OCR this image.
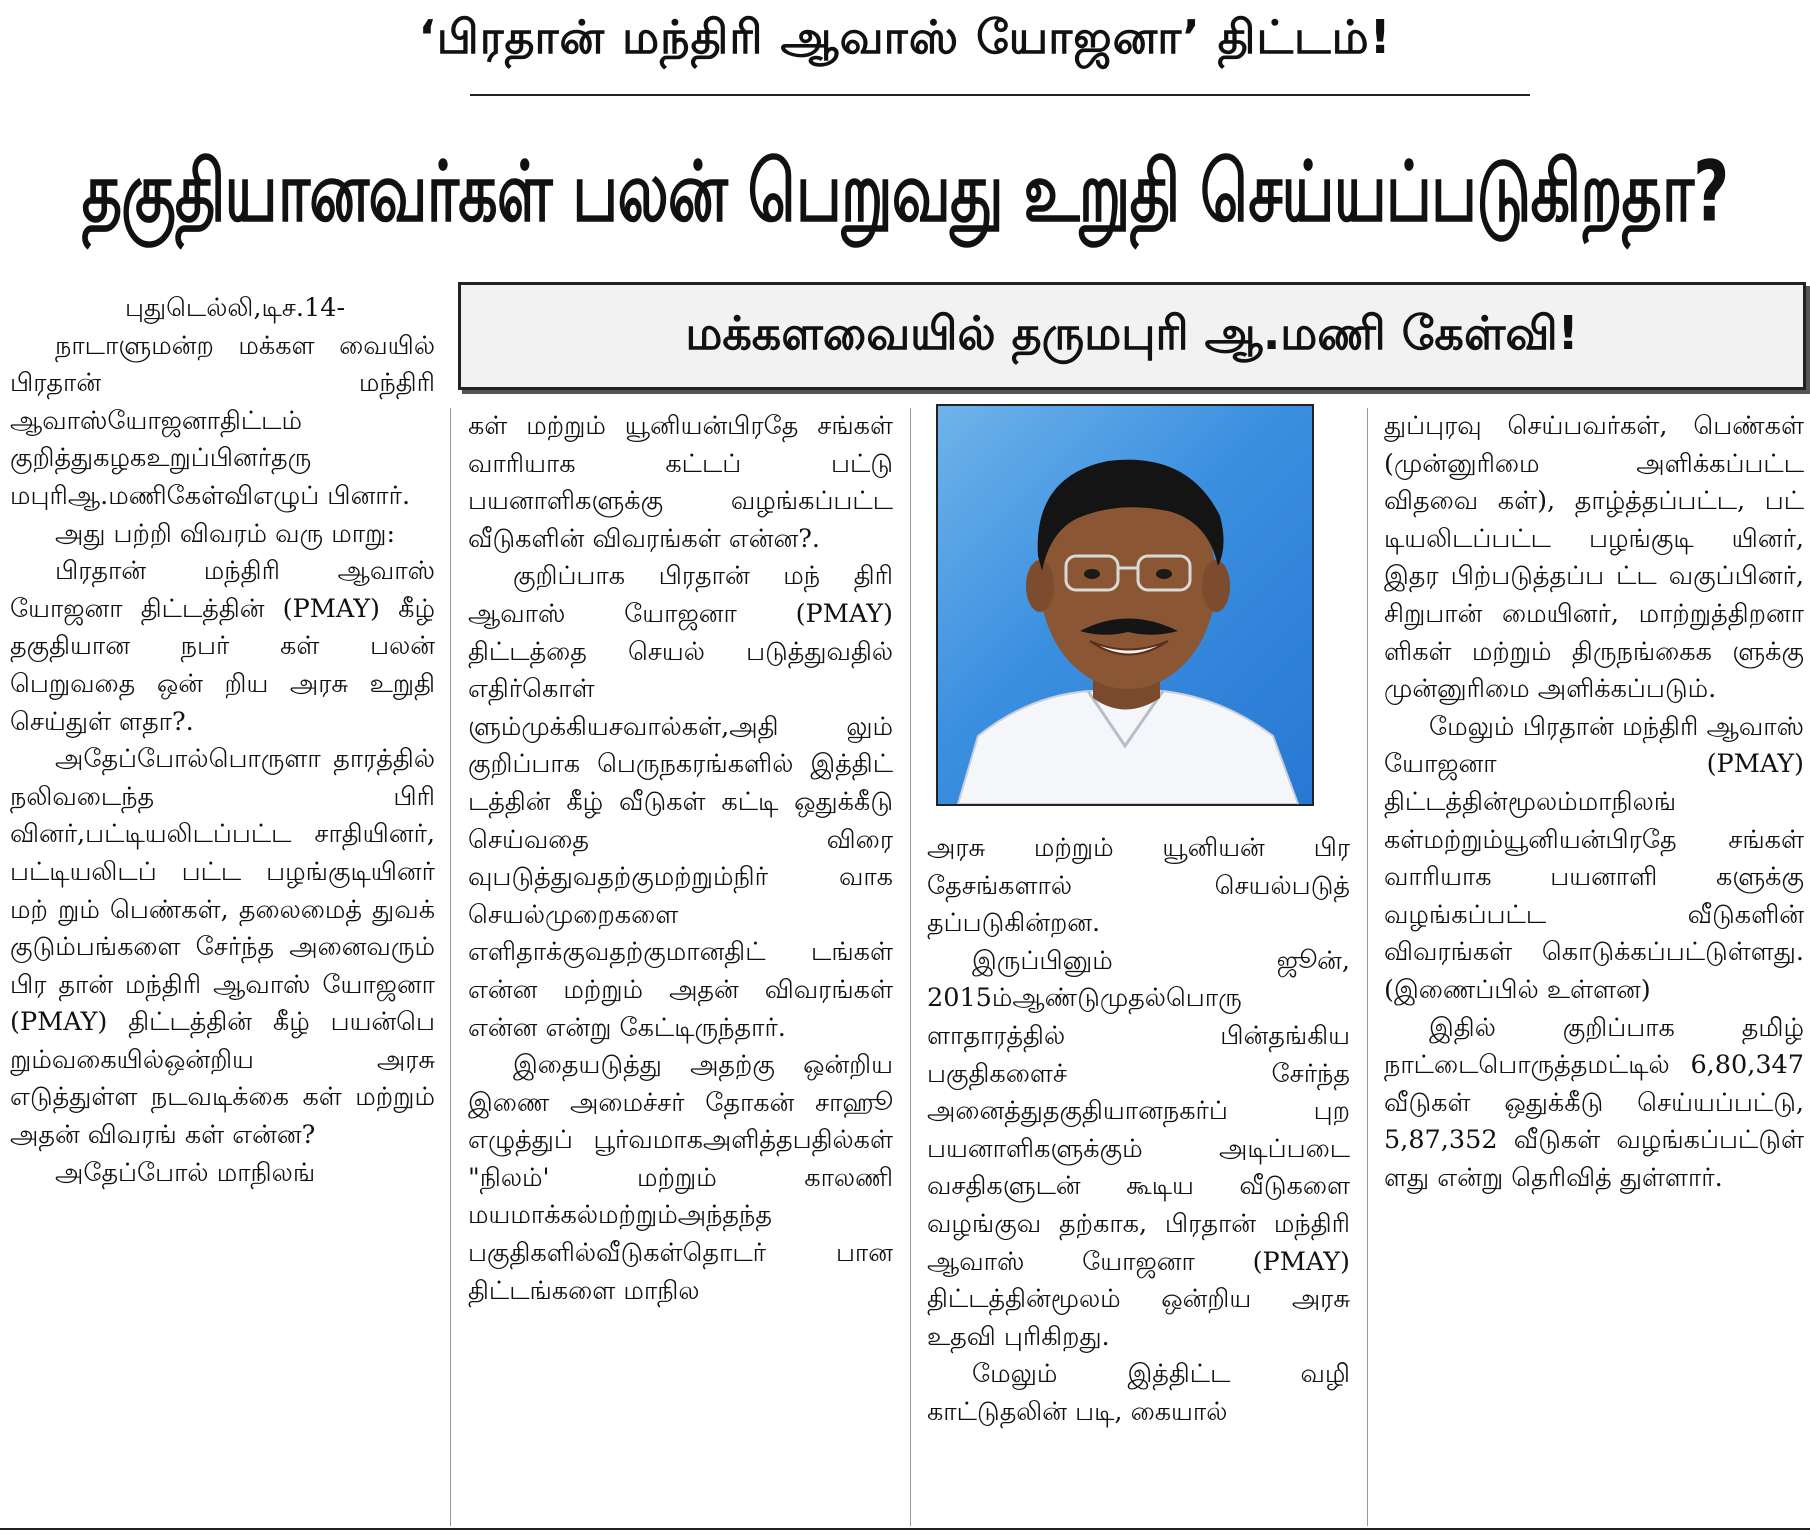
‘பிரதான் மந்திரி ஆவாஸ் யோஜனா’ திட்டம்!
தகுதியானவர்கள் பலன் பெறுவது உறுதி செய்யப்படுகிறதா?
மக்களவையில் தருமபுரி ஆ.மணி கேள்வி!

புதுடெல்லி,டிச.14-

நாடாளுமன்ற மக்கள வையில் பிரதான் மந்திரி ஆவாஸ்யோஜனாதிட்டம் குறித்துகழகஉறுப்பினர்தரு மபுரிஆ.மணிகேள்விஎழுப் பினார்.

அது பற்றி விவரம் வரு மாறு:

பிரதான் மந்திரி ஆவாஸ் யோஜனா திட்டத்தின் (PMAY) கீழ் தகுதியான நபர் கள் பலன் பெறுவதை ஒன் றிய அரசு உறுதி செய்துள் ளதா?.

அதேப்போல்பொருளா தாரத்தில் நலிவடைந்த பிரி வினர்,பட்டியலிடப்பட்ட சாதியினர், பட்டியலிடப் பட்ட பழங்குடியினர் மற் றும் பெண்கள், தலைமைத் துவக் குடும்பங்களை சேர்ந்த அனைவரும் பிர தான் மந்திரி ஆவாஸ் யோஜனா (PMAY) திட்டத்தின் கீழ் பயன்பெ றும்வகையில்ஒன்றிய அரசு எடுத்துள்ள நடவடிக்கை கள் மற்றும் அதன் விவரங் கள் என்ன?

அதேப்போல் மாநிலங்

கள் மற்றும் யூனியன்பிரதே சங்கள் வாரியாக கட்டப் பட்டு பயனாளிகளுக்கு வழங்கப்பட்ட வீடுகளின் விவரங்கள் என்ன?.

குறிப்பாக பிரதான் மந் திரி ஆவாஸ் யோஜனா (PMAY) திட்டத்தை செயல் படுத்துவதில் எதிர்கொள் ளும்முக்கியசவால்கள்,அதி லும் குறிப்பாக பெருநகரங்களில் இத்திட் டத்தின் கீழ் வீடுகள் கட்டி ஒதுக்கீடு செய்வதை விரை வுபடுத்துவதற்குமற்றும்நிர் வாக செயல்முறைகளை எளிதாக்குவதற்குமானதிட் டங்கள் என்ன மற்றும் அதன் விவரங்கள் என்ன என்று கேட்டிருந்தார்.

இதையடுத்து அதற்கு ஒன்றிய இணை அமைச்சர் தோகன் சாஹூ எழுத்துப் பூர்வமாகஅளித்தபதில்கள் "நிலம்' மற்றும் காலணி மயமாக்கல்மற்றும்அந்தந்த பகுதிகளில்வீடுகள்தொடர் பான திட்டங்களை மாநில

அரசு மற்றும் யூனியன் பிர தேசங்களால் செயல்படுத் தப்படுகின்றன.

இருப்பினும் ஜூன், 2015ம்ஆண்டுமுதல்பொரு ளாதாரத்தில் பின்தங்கிய பகுதிகளைச் சேர்ந்த அனைத்துதகுதியானநகர்ப் புற பயனாளிகளுக்கும் அடிப்படை வசதிகளுடன் கூடிய வீடுகளை வழங்குவ தற்காக, பிரதான் மந்திரி ஆவாஸ் யோஜனா (PMAY) திட்டத்தின்மூலம் ஒன்றிய அரசு உதவி புரிகிறது.

மேலும் இத்திட்ட வழி காட்டுதலின் படி, கையால்

துப்புரவு செய்பவர்கள், பெண்கள் (முன்னுரிமை அளிக்கப்பட்ட விதவை கள்), தாழ்த்தப்பட்ட, பட் டியலிடப்பட்ட பழங்குடி யினர், இதர பிற்படுத்தப்ப ட்ட வகுப்பினர், சிறுபான் மையினர், மாற்றுத்திறனா ளிகள் மற்றும் திருநங்கைக ளுக்கு முன்னுரிமை அளிக்கப்படும்.

மேலும் பிரதான் மந்திரி ஆவாஸ் யோஜனா (PMAY) திட்டத்தின்மூலம்மாநிலங் கள்மற்றும்யூனியன்பிரதே சங்கள் வாரியாக பயனாளி களுக்கு வழங்கப்பட்ட வீடுகளின் விவரங்கள் கொடுக்கப்பட்டுள்ளது. (இணைப்பில் உள்ளன)

இதில் குறிப்பாக தமிழ் நாட்டைபொருத்தமட்டில் 6,80,347 வீடுகள் ஒதுக்கீடு செய்யப்பட்டு, 5,87,352 வீடுகள் வழங்கப்பட்டுள் ளது என்று தெரிவித் துள்ளார்.
